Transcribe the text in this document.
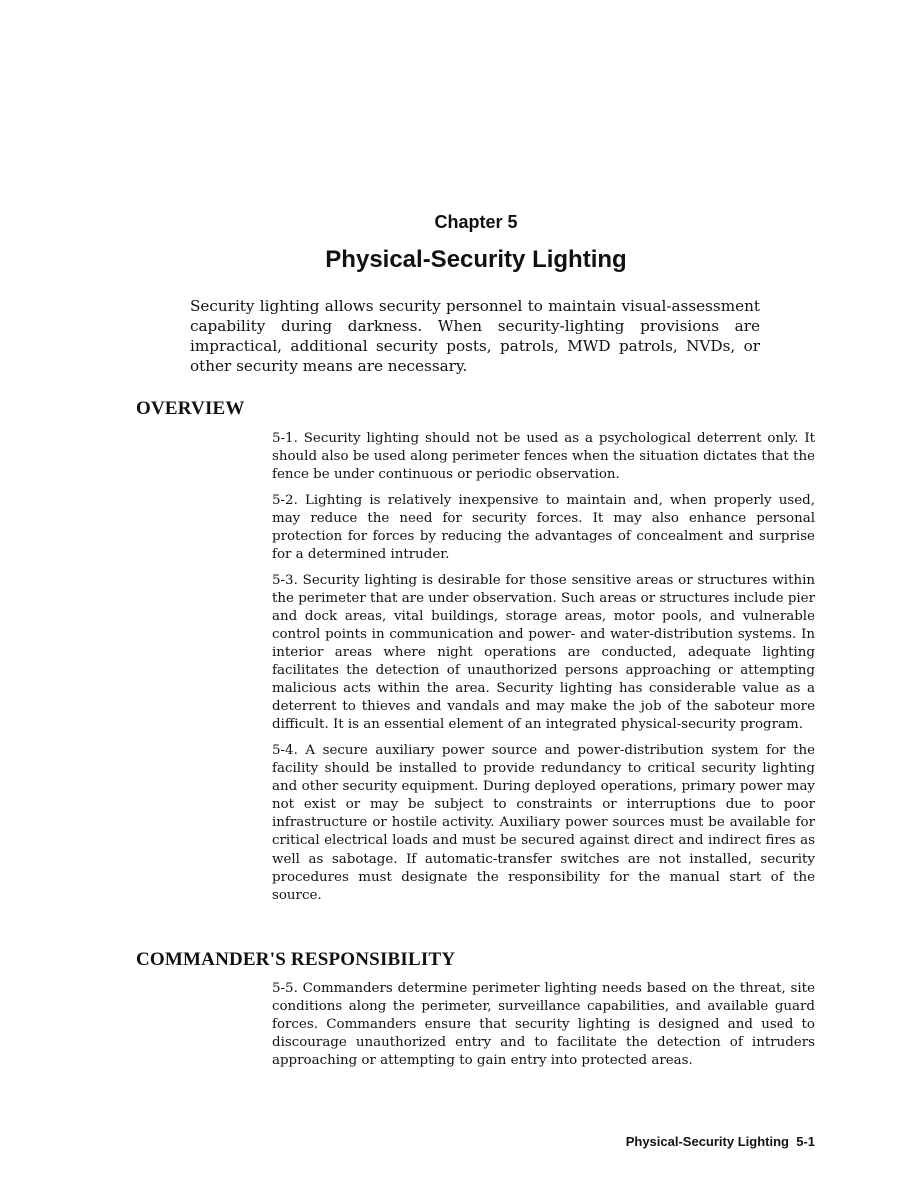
Chapter 5
Physical-Security Lighting

Security lighting allows security personnel to maintain visual-assessment capability during darkness. When security-lighting provisions are impractical, additional security posts, patrols, MWD patrols, NVDs, or other security means are necessary.

OVERVIEW

5-1. Security lighting should not be used as a psychological deterrent only. It should also be used along perimeter fences when the situation dictates that the fence be under continuous or periodic observation.

5-2. Lighting is relatively inexpensive to maintain and, when properly used, may reduce the need for security forces. It may also enhance personal protection for forces by reducing the advantages of concealment and surprise for a determined intruder.

5-3. Security lighting is desirable for those sensitive areas or structures within the perimeter that are under observation. Such areas or structures include pier and dock areas, vital buildings, storage areas, motor pools, and vulnerable control points in communication and power- and water-distribution systems. In interior areas where night operations are conducted, adequate lighting facilitates the detection of unauthorized persons approaching or attempting malicious acts within the area. Security lighting has considerable value as a deterrent to thieves and vandals and may make the job of the saboteur more difficult. It is an essential element of an integrated physical-security program.

5-4. A secure auxiliary power source and power-distribution system for the facility should be installed to provide redundancy to critical security lighting and other security equipment. During deployed operations, primary power may not exist or may be subject to constraints or interruptions due to poor infrastructure or hostile activity. Auxiliary power sources must be available for critical electrical loads and must be secured against direct and indirect fires as well as sabotage. If automatic-transfer switches are not installed, security procedures must designate the responsibility for the manual start of the source.

COMMANDER'S RESPONSIBILITY

5-5. Commanders determine perimeter lighting needs based on the threat, site conditions along the perimeter, surveillance capabilities, and available guard forces. Commanders ensure that security lighting is designed and used to discourage unauthorized entry and to facilitate the detection of intruders approaching or attempting to gain entry into protected areas.

Physical-Security Lighting 5-1
